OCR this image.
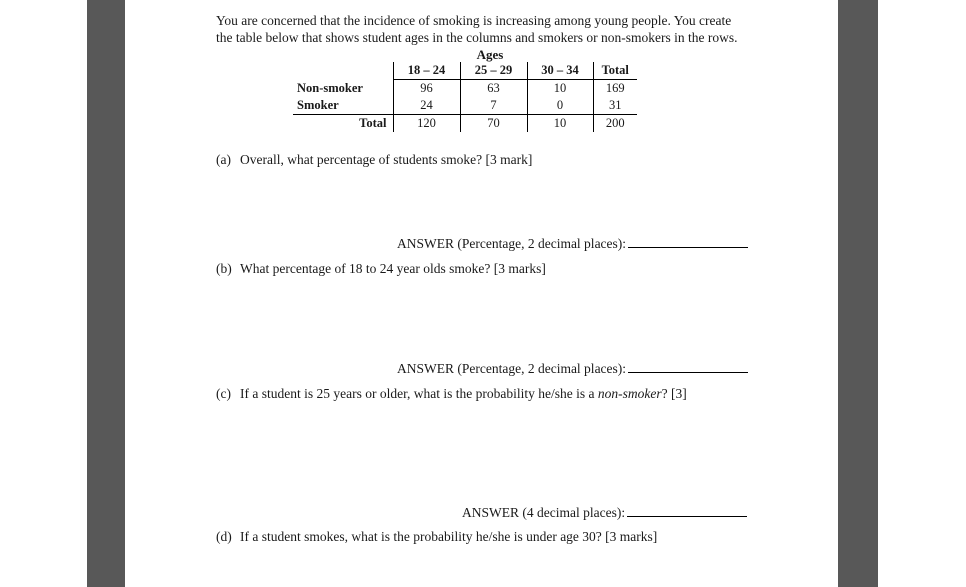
You are concerned that the incidence of smoking is increasing among young people. You create
the table below that shows student ages in the columns and smokers or non-smokers in the rows.
Ages
	18 – 24	25 – 29	30 – 34	Total
Non-smoker	96	63	10	169
Smoker	24	7	0	31
Total	120	70	10	200
(a) Overall, what percentage of students smoke? [3 mark]
ANSWER (Percentage, 2 decimal places):
(b) What percentage of 18 to 24 year olds smoke? [3 marks]
ANSWER (Percentage, 2 decimal places):
(c) If a student is 25 years or older, what is the probability he/she is a non-smoker? [3]
ANSWER (4 decimal places):
(d) If a student smokes, what is the probability he/she is under age 30? [3 marks]
